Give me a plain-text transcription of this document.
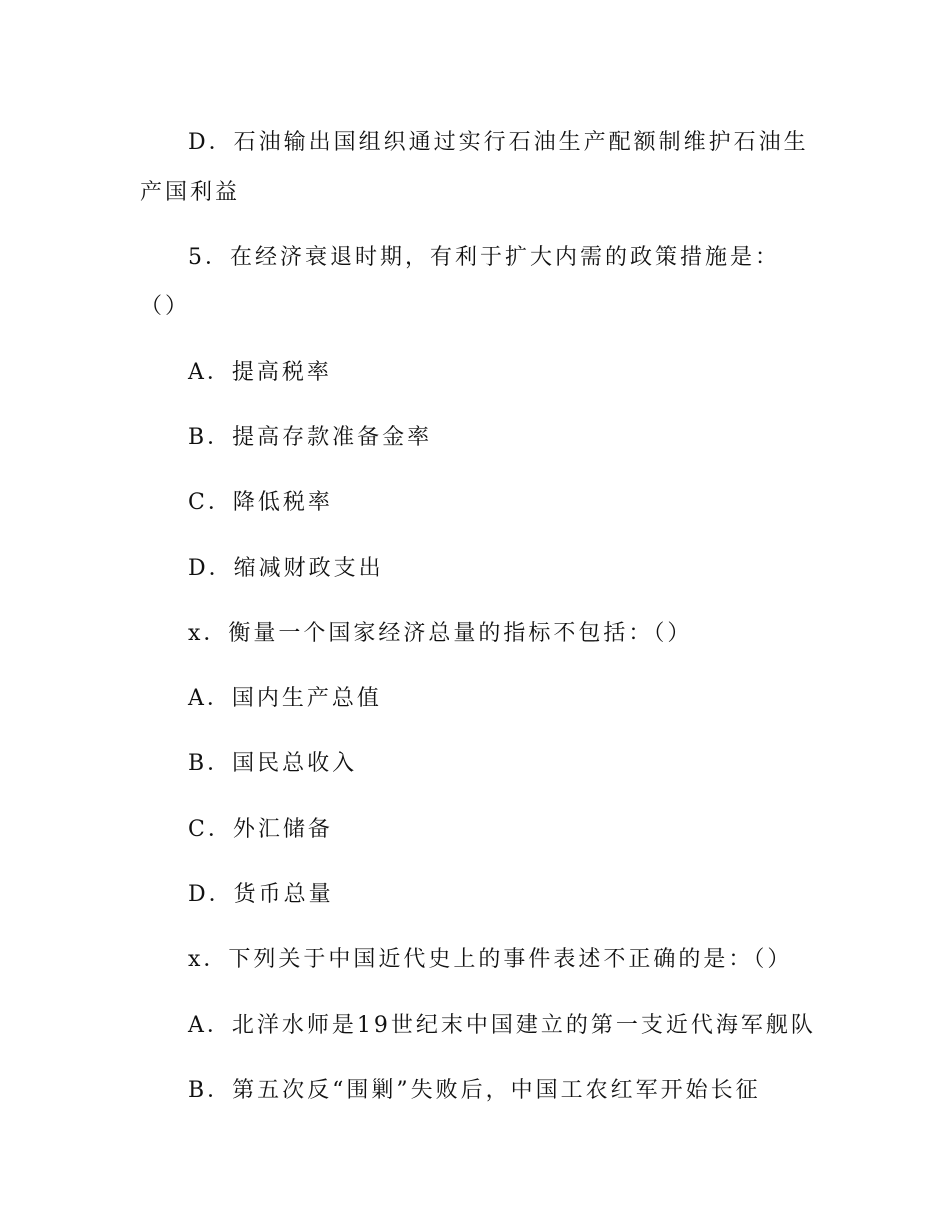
D．石油输出国组织通过实行石油生产配额制维护石油生
产国利益
5．在经济衰退时期，有利于扩大内需的政策措施是：
（）
A．提高税率
B．提高存款准备金率
C．降低税率
D．缩减财政支出
x．衡量一个国家经济总量的指标不包括：（）
A．国内生产总值
B．国民总收入
C．外汇储备
D．货币总量
x．下列关于中国近代史上的事件表述不正确的是：（）
A．北洋水师是19世纪末中国建立的第一支近代海军舰队
B．第五次反“围剿”失败后，中国工农红军开始长征
